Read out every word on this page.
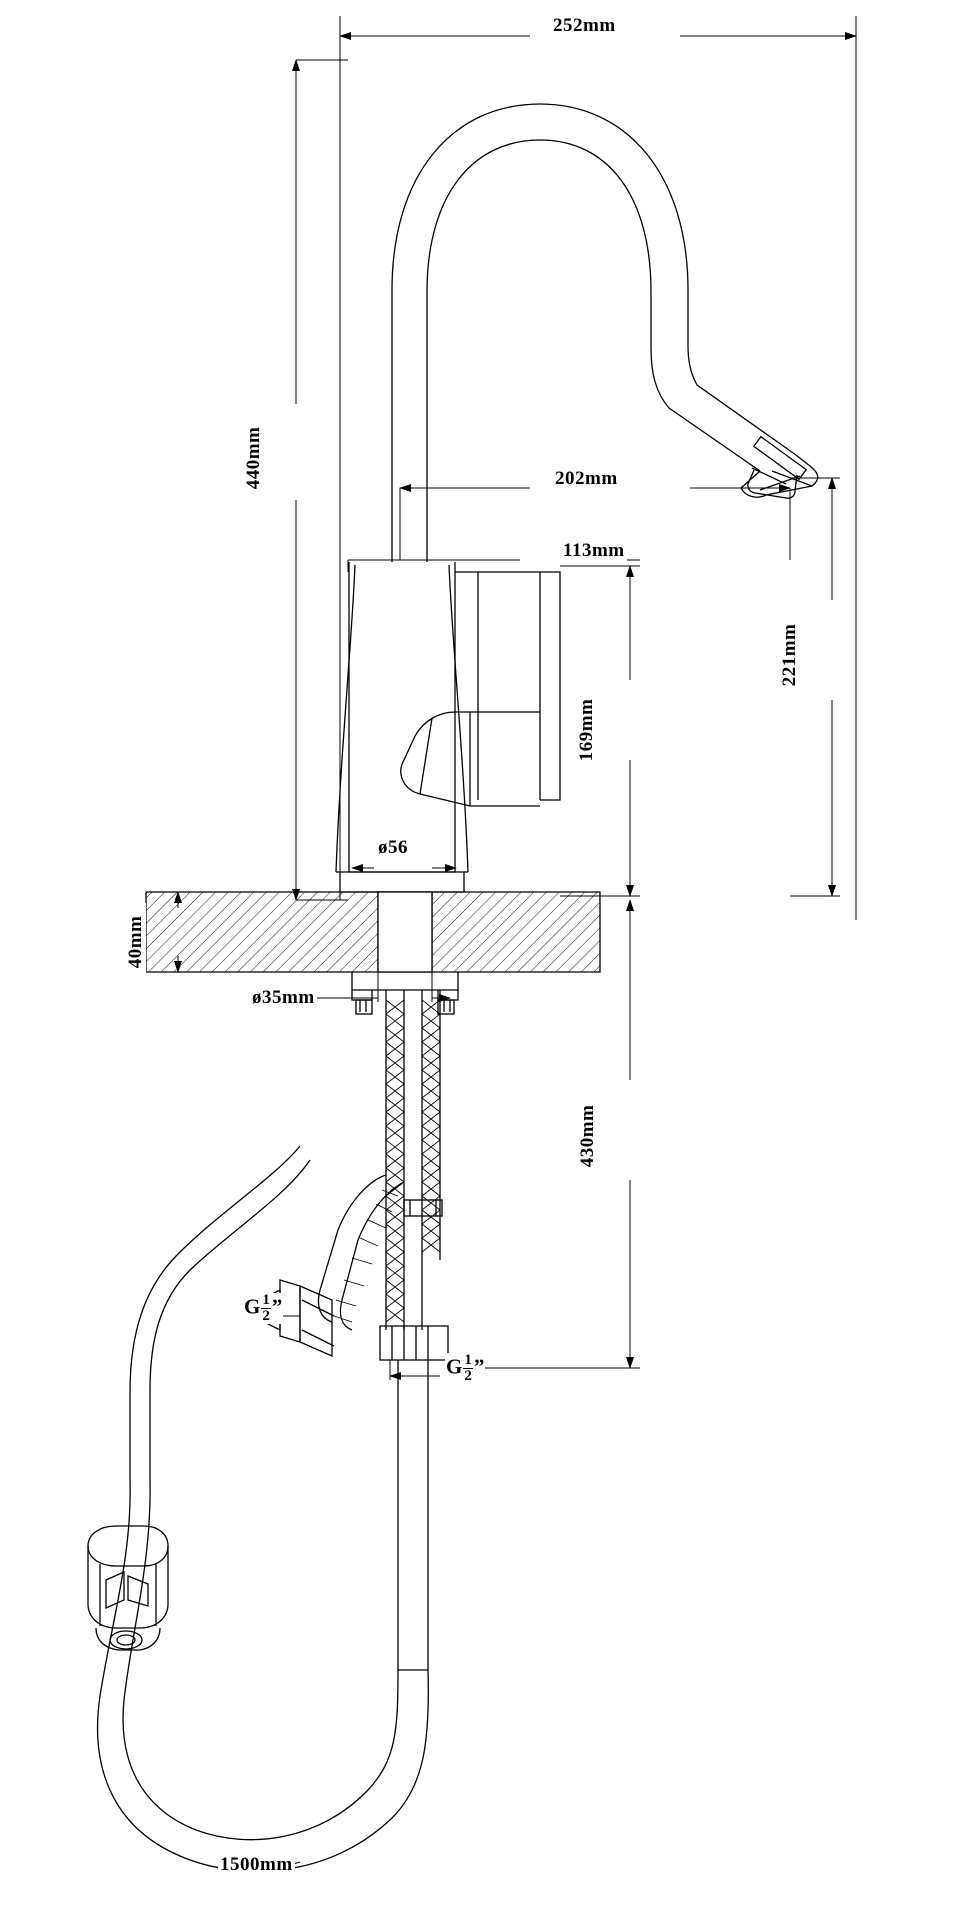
252mm
440mm	202mm
113mm
221mm
169mm
ø56
40mm
ø35mm
430mm
1500mm
G $\frac{1}{2}$ ”
G $\frac{1}{2}$ ”
